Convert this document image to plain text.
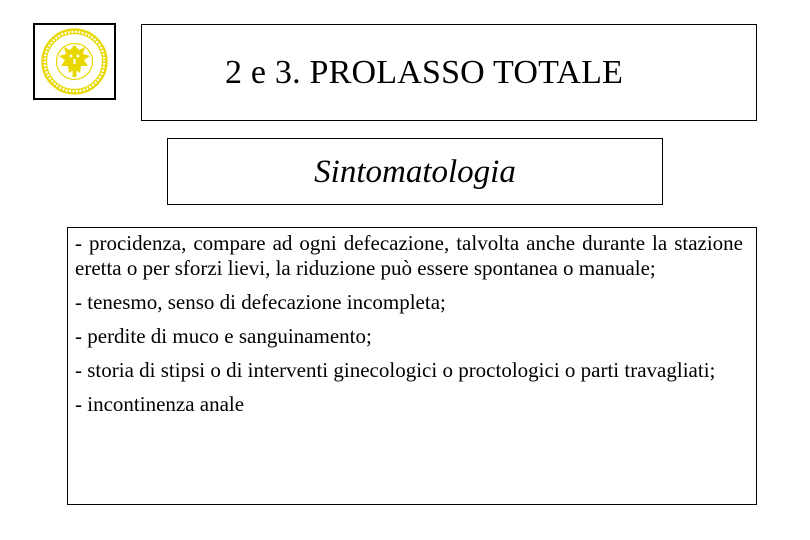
2 e 3. PROLASSO TOTALE
Sintomatologia

- procidenza, compare ad ogni defecazione, talvolta anche durante la stazione eretta o per sforzi lievi, la riduzione può essere spontanea o manuale;

- tenesmo, senso di defecazione incompleta;

- perdite di muco e sanguinamento;

- storia di stipsi o di interventi ginecologici o proctologici o parti travagliati;

- incontinenza anale
